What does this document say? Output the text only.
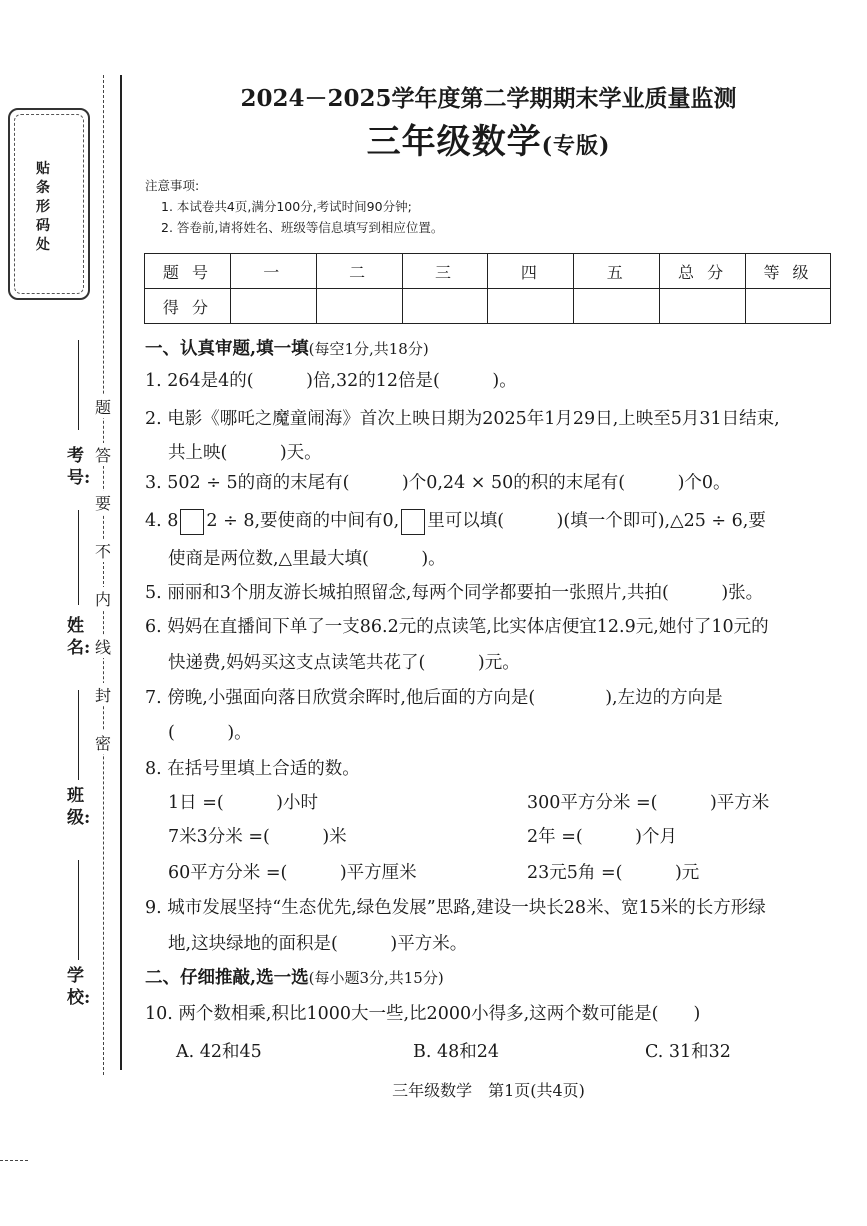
贴条形码处
考号:
姓名:
班级:
学校:
题
答
要
不
内
线
封
密
2024－2025学年度第二学期期末学业质量监测
三年级数学(专版)
注意事项:
1. 本试卷共4页,满分100分,考试时间90分钟;
2. 答卷前,请将姓名、班级等信息填写到相应位置。
题 号	一	二	三	四	五	总 分	等 级
得 分							
一、认真审题,填一填(每空1分,共18分)
1. 264是4的(　　　)倍,32的12倍是(　　　)。
2. 电影《哪吒之魔童闹海》首次上映日期为2025年1月29日,上映至5月31日结束,
共上映(　　　)天。
3. 502 ÷ 5的商的末尾有(　　　)个0,24 × 50的积的末尾有(　　　)个0。
4. 8 2 ÷ 8,要使商的中间有0, 里可以填(　　　)(填一个即可),△25 ÷ 6,要
使商是两位数,△里最大填(　　　)。
5. 丽丽和3个朋友游长城拍照留念,每两个同学都要拍一张照片,共拍(　　　)张。
6. 妈妈在直播间下单了一支86.2元的点读笔,比实体店便宜12.9元,她付了10元的
快递费,妈妈买这支点读笔共花了(　　　)元。
7. 傍晚,小强面向落日欣赏余晖时,他后面的方向是(　　　　),左边的方向是
(　　　)。
8. 在括号里填上合适的数。
1日 =(　　　)小时	300平方分米 =(　　　)平方米
7米3分米 =(　　　)米	2年 =(　　　)个月
60平方分米 =(　　　)平方厘米	23元5角 =(　　　)元
9. 城市发展坚持“生态优先,绿色发展”思路,建设一块长28米、宽15米的长方形绿
地,这块绿地的面积是(　　　)平方米。
二、仔细推敲,选一选(每小题3分,共15分)
10. 两个数相乘,积比1000大一些,比2000小得多,这两个数可能是(　　)
A. 42和45	B. 48和24	C. 31和32
三年级数学　第1页(共4页)
